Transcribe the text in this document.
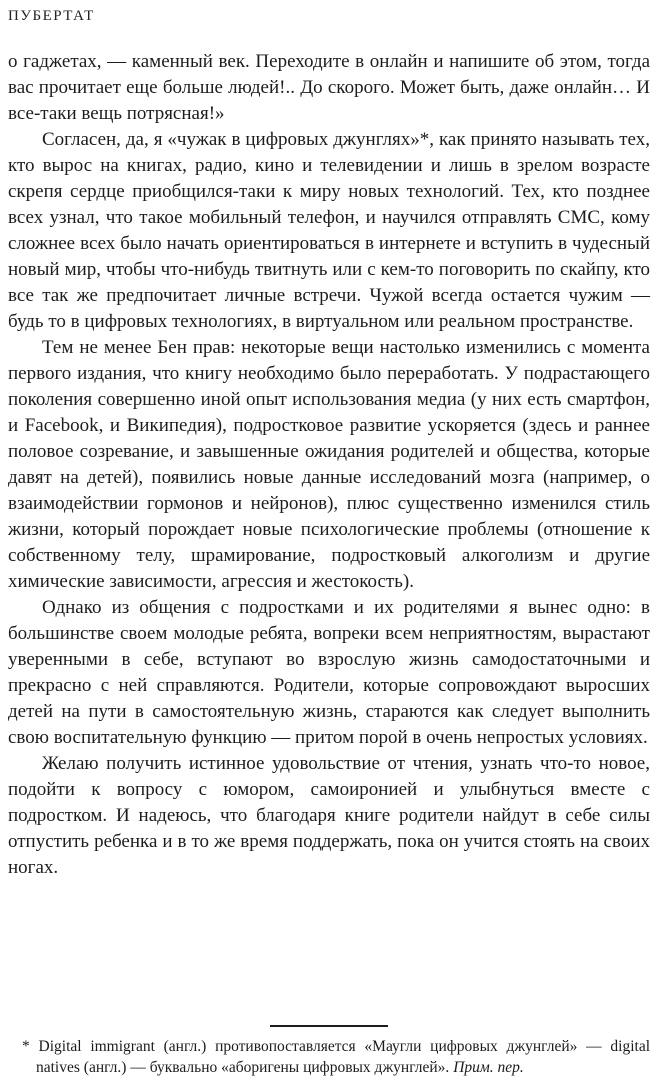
ПУБЕРТАТ

о гаджетах, — каменный век. Переходите в онлайн и напишите об этом, тогда вас прочитает еще больше людей!.. До скорого. Может быть, даже онлайн… И все-таки вещь потрясная!»

Согласен, да, я «чужак в цифровых джунглях»*, как принято называть тех, кто вырос на книгах, радио, кино и телевидении и лишь в зрелом возрасте скрепя сердце приобщился-таки к миру новых технологий. Тех, кто позднее всех узнал, что такое мобильный телефон, и научился отправлять СМС, кому сложнее всех было начать ориентироваться в интернете и вступить в чудесный новый мир, чтобы что-нибудь твитнуть или с кем-то поговорить по скайпу, кто все так же предпочитает личные встречи. Чужой всегда остается чужим — будь то в цифровых технологиях, в виртуальном или реальном пространстве.

Тем не менее Бен прав: некоторые вещи настолько изменились с момента первого издания, что книгу необходимо было переработать. У подрастающего поколения совершенно иной опыт использования медиа (у них есть смартфон, и Facebook, и Википедия), подростковое развитие ускоряется (здесь и раннее половое созревание, и завышенные ожидания родителей и общества, которые давят на детей), появились новые данные исследований мозга (например, о взаимодействии гормонов и нейронов), плюс существенно изменился стиль жизни, который порождает новые психологические проблемы (отношение к собственному телу, шрамирование, подростковый алкоголизм и другие химические зависимости, агрессия и жестокость).

Однако из общения с подростками и их родителями я вынес одно: в большинстве своем молодые ребята, вопреки всем неприятностям, вырастают уверенными в себе, вступают во взрослую жизнь самодостаточными и прекрасно с ней справляются. Родители, которые сопровождают выросших детей на пути в самостоятельную жизнь, стараются как следует выполнить свою воспитательную функцию — притом порой в очень непростых условиях.

Желаю получить истинное удовольствие от чтения, узнать что-то новое, подойти к вопросу с юмором, самоиронией и улыбнуться вместе с подростком. И надеюсь, что благодаря книге родители найдут в себе силы отпустить ребенка и в то же время поддержать, пока он учится стоять на своих ногах.

* Digital immigrant (англ.) противопоставляется «Маугли цифровых джунглей» — digital natives (англ.) — буквально «аборигены цифровых джунглей». Прим. пер.
